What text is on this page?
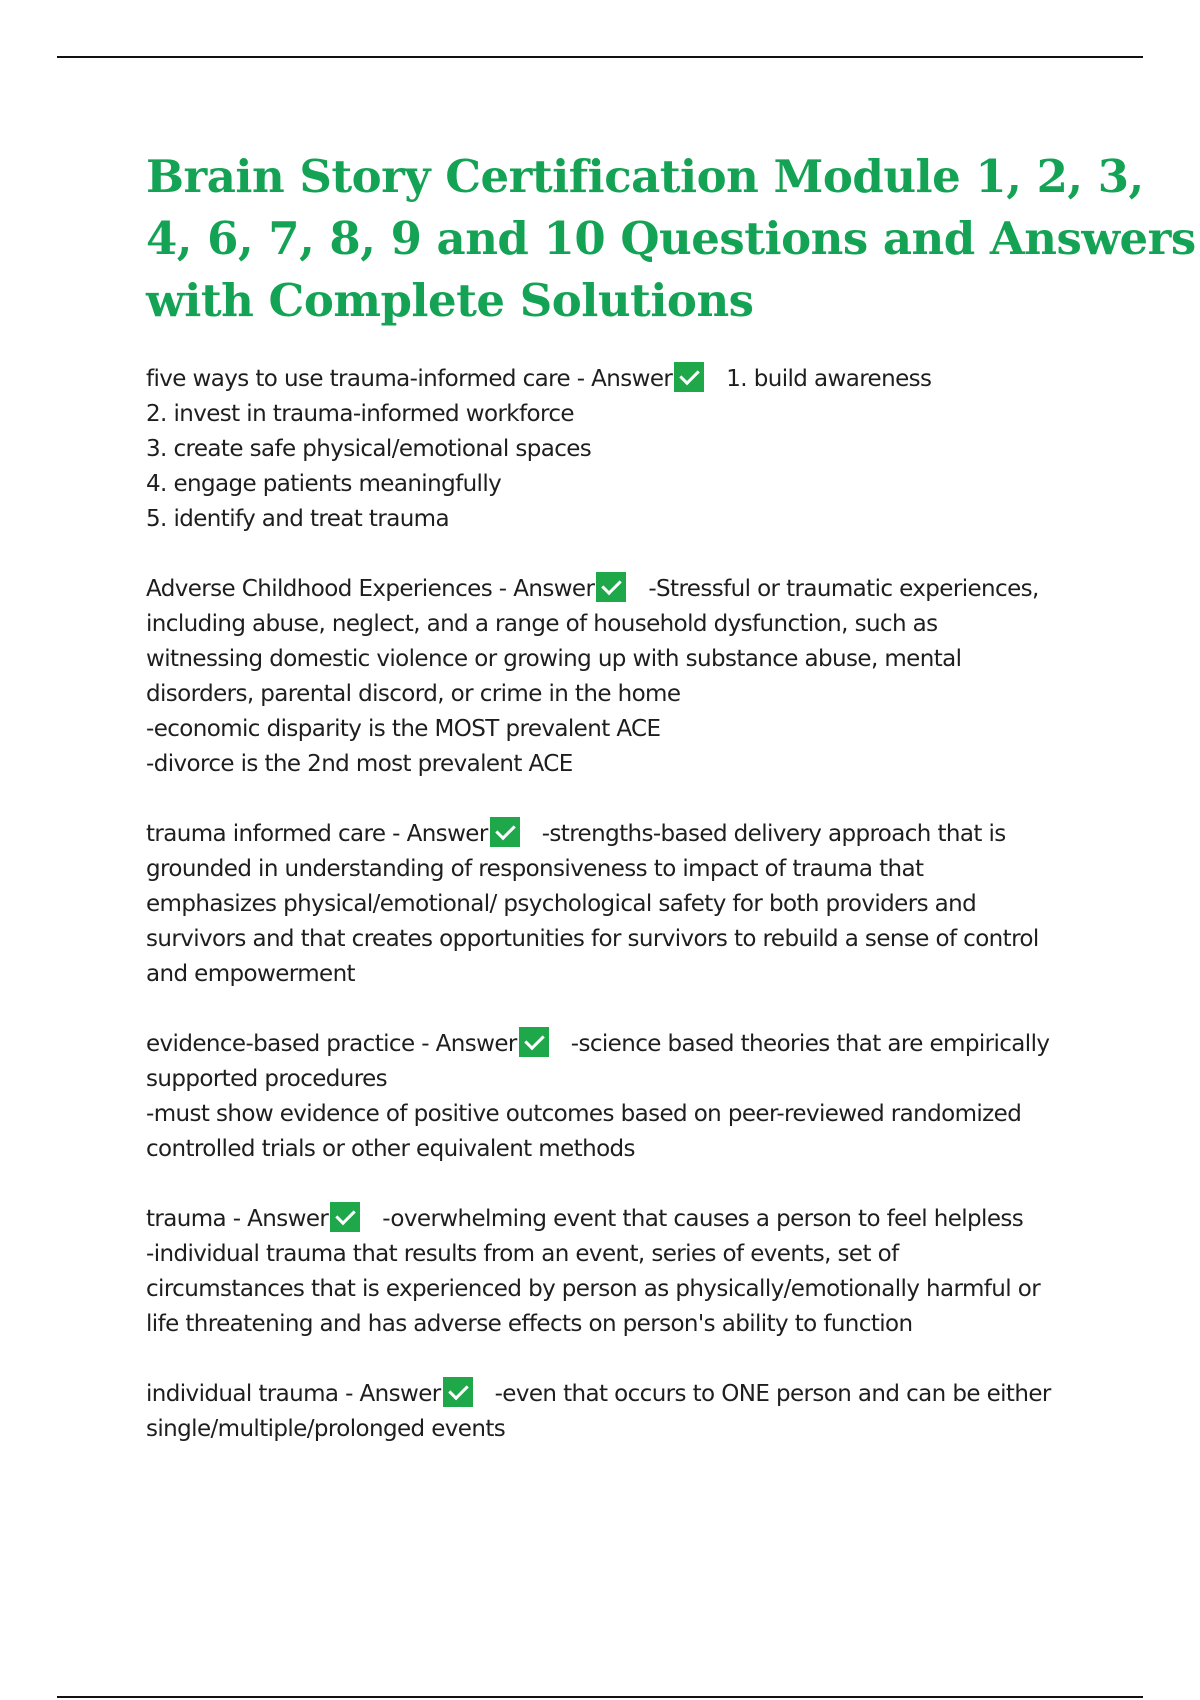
Brain Story Certification Module 1, 2, 3,
4, 6, 7, 8, 9 and 10 Questions and Answers
with Complete Solutions
five ways to use trauma-informed care - Answer 1. build awareness
2. invest in trauma-informed workforce
3. create safe physical/emotional spaces
4. engage patients meaningfully
5. identify and treat trauma
Adverse Childhood Experiences - Answer -Stressful or traumatic experiences,
including abuse, neglect, and a range of household dysfunction, such as
witnessing domestic violence or growing up with substance abuse, mental
disorders, parental discord, or crime in the home
-economic disparity is the MOST prevalent ACE
-divorce is the 2nd most prevalent ACE
trauma informed care - Answer -strengths-based delivery approach that is
grounded in understanding of responsiveness to impact of trauma that
emphasizes physical/emotional/ psychological safety for both providers and
survivors and that creates opportunities for survivors to rebuild a sense of control
and empowerment
evidence-based practice - Answer -science based theories that are empirically
supported procedures
-must show evidence of positive outcomes based on peer-reviewed randomized
controlled trials or other equivalent methods
trauma - Answer -overwhelming event that causes a person to feel helpless
-individual trauma that results from an event, series of events, set of
circumstances that is experienced by person as physically/emotionally harmful or
life threatening and has adverse effects on person's ability to function
individual trauma - Answer -even that occurs to ONE person and can be either
single/multiple/prolonged events
